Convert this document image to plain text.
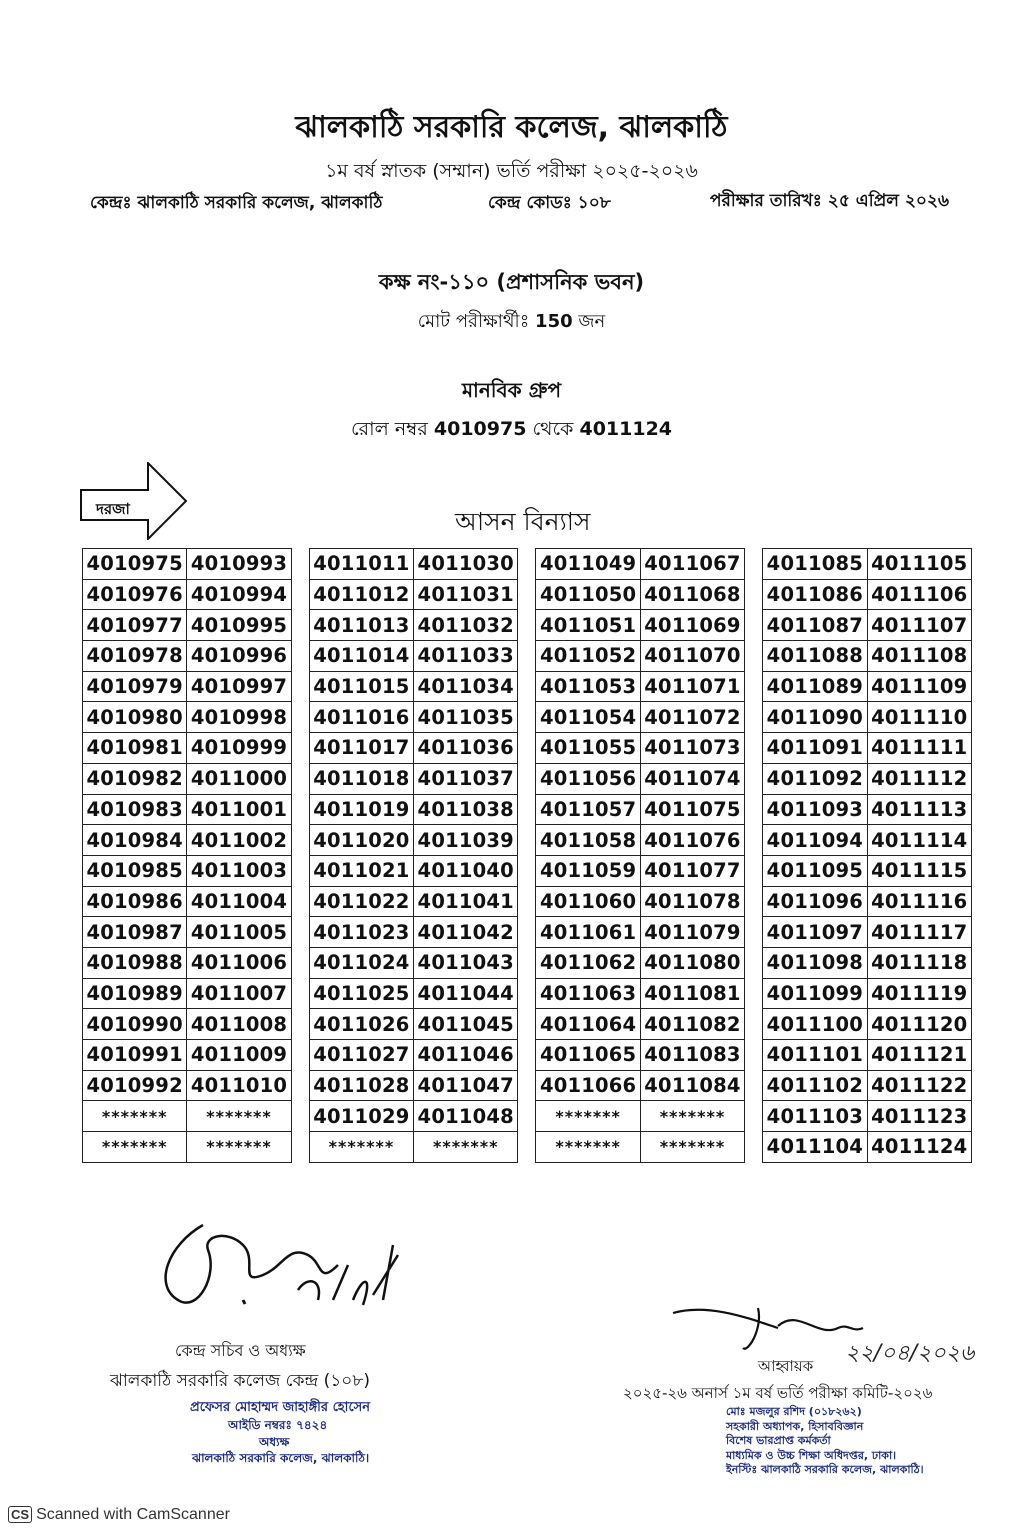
ঝালকাঠি সরকারি কলেজ, ঝালকাঠি
১ম বর্ষ স্নাতক (সম্মান) ভর্তি পরীক্ষা ২০২৫-২০২৬
কেন্দ্রঃ ঝালকাঠি সরকারি কলেজ, ঝালকাঠি	কেন্দ্র কোডঃ ১০৮	পরীক্ষার তারিখঃ ২৫ এপ্রিল ২০২৬
কক্ষ নং-১১০ (প্রশাসনিক ভবন)
মোট পরীক্ষার্থীঃ 150 জন
মানবিক গ্রুপ
রোল নম্বর 4010975 থেকে 4011124
দরজা	আসন বিন্যাস
4010975	4010993		4011011	4011030		4011049	4011067		4011085	4011105
4010976	4010994		4011012	4011031		4011050	4011068		4011086	4011106
4010977	4010995		4011013	4011032		4011051	4011069		4011087	4011107
4010978	4010996		4011014	4011033		4011052	4011070		4011088	4011108
4010979	4010997		4011015	4011034		4011053	4011071		4011089	4011109
4010980	4010998		4011016	4011035		4011054	4011072		4011090	4011110
4010981	4010999		4011017	4011036		4011055	4011073		4011091	4011111
4010982	4011000		4011018	4011037		4011056	4011074		4011092	4011112
4010983	4011001		4011019	4011038		4011057	4011075		4011093	4011113
4010984	4011002		4011020	4011039		4011058	4011076		4011094	4011114
4010985	4011003		4011021	4011040		4011059	4011077		4011095	4011115
4010986	4011004		4011022	4011041		4011060	4011078		4011096	4011116
4010987	4011005		4011023	4011042		4011061	4011079		4011097	4011117
4010988	4011006		4011024	4011043		4011062	4011080		4011098	4011118
4010989	4011007		4011025	4011044		4011063	4011081		4011099	4011119
4010990	4011008		4011026	4011045		4011064	4011082		4011100	4011120
4010991	4011009		4011027	4011046		4011065	4011083		4011101	4011121
4010992	4011010		4011028	4011047		4011066	4011084		4011102	4011122
*******	*******		4011029	4011048		*******	*******		4011103	4011123
*******	*******		*******	*******		*******	*******		4011104	4011124
কেন্দ্র সচিব ও অধ্যক্ষ
ঝালকাঠি সরকারি কলেজ কেন্দ্র (১০৮)
প্রফেসর মোহাম্মদ জাহাঙ্গীর হোসেন
আইডি নম্বরঃ ৭৪২৪
অধ্যক্ষ
ঝালকাঠি সরকারি কলেজ, ঝালকাঠি।
২২/০৪/২০২৬
আহ্বায়ক
২০২৫-২৬ অনার্স ১ম বর্ষ ভর্তি পরীক্ষা কমিটি-২০২৬
মোঃ মজলুর রশিদ (০১৮২৬২)
সহকারী অধ্যাপক, হিসাববিজ্ঞান
বিশেষ ভারপ্রাপ্ত কর্মকর্তা
মাধ্যমিক ও উচ্চ শিক্ষা অধিদপ্তর, ঢাকা।
ইনস্টিঃ ঝালকাঠি সরকারি কলেজ, ঝালকাঠি।
CS Scanned with CamScanner
